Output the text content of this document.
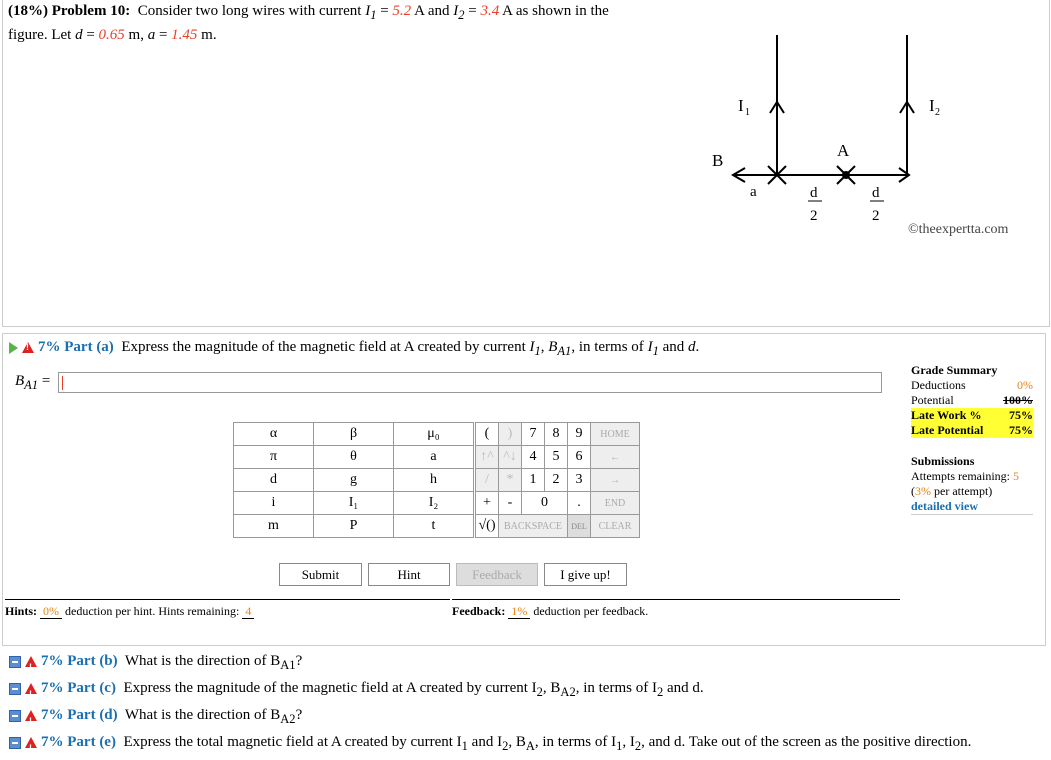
(18%) Problem 10: Consider two long wires with current $I_1 = 5.2$ A and $I_2 = 3.4$ A as shown in the
figure. Let d = 0.65 m, a = 1.45 m.
I 1	I 2
A
B
a	d
2
d
2
©theexpertta.com
!7% Part (a) Express the magnitude of the magnetic field at A created by current $I_1$, $B_{A1}$, in terms of $I_1$ and d.
$B_{A1}$ =
α	β	μ₀
π	θ	a
d	g	h
i	I₁	I₂
m	P	t
(	)	7	8	9	HOME
↑^	^↓	4	5	6	←
/	*	1	2	3	→
+	-	0		.	END
√()	BACKSPACE			DEL	CLEAR
Submit	Hint	Feedback	I give up!
Hints: 0% deduction per hint. Hints remaining: 4	Feedback: 1% deduction per feedback.
Grade Summary
Deductions	0%
Potential	100%
Late Work % 75%
Late Potential 75%
Submissions
Attempts remaining: 5
(3% per attempt)
detailed view
!7% Part (b) What is the direction of $B_{A1}$?
!7% Part (c) Express the magnitude of the magnetic field at A created by current $I_2$, $B_{A2}$, in terms of $I_2$ and d.
!7% Part (d) What is the direction of $B_{A2}$?
!7% Part (e) Express the total magnetic field at A created by current $I_1$ and $I_2$, $B_A$, in terms of $I_1$, $I_2$, and d. Take out of the screen as the positive direction.
